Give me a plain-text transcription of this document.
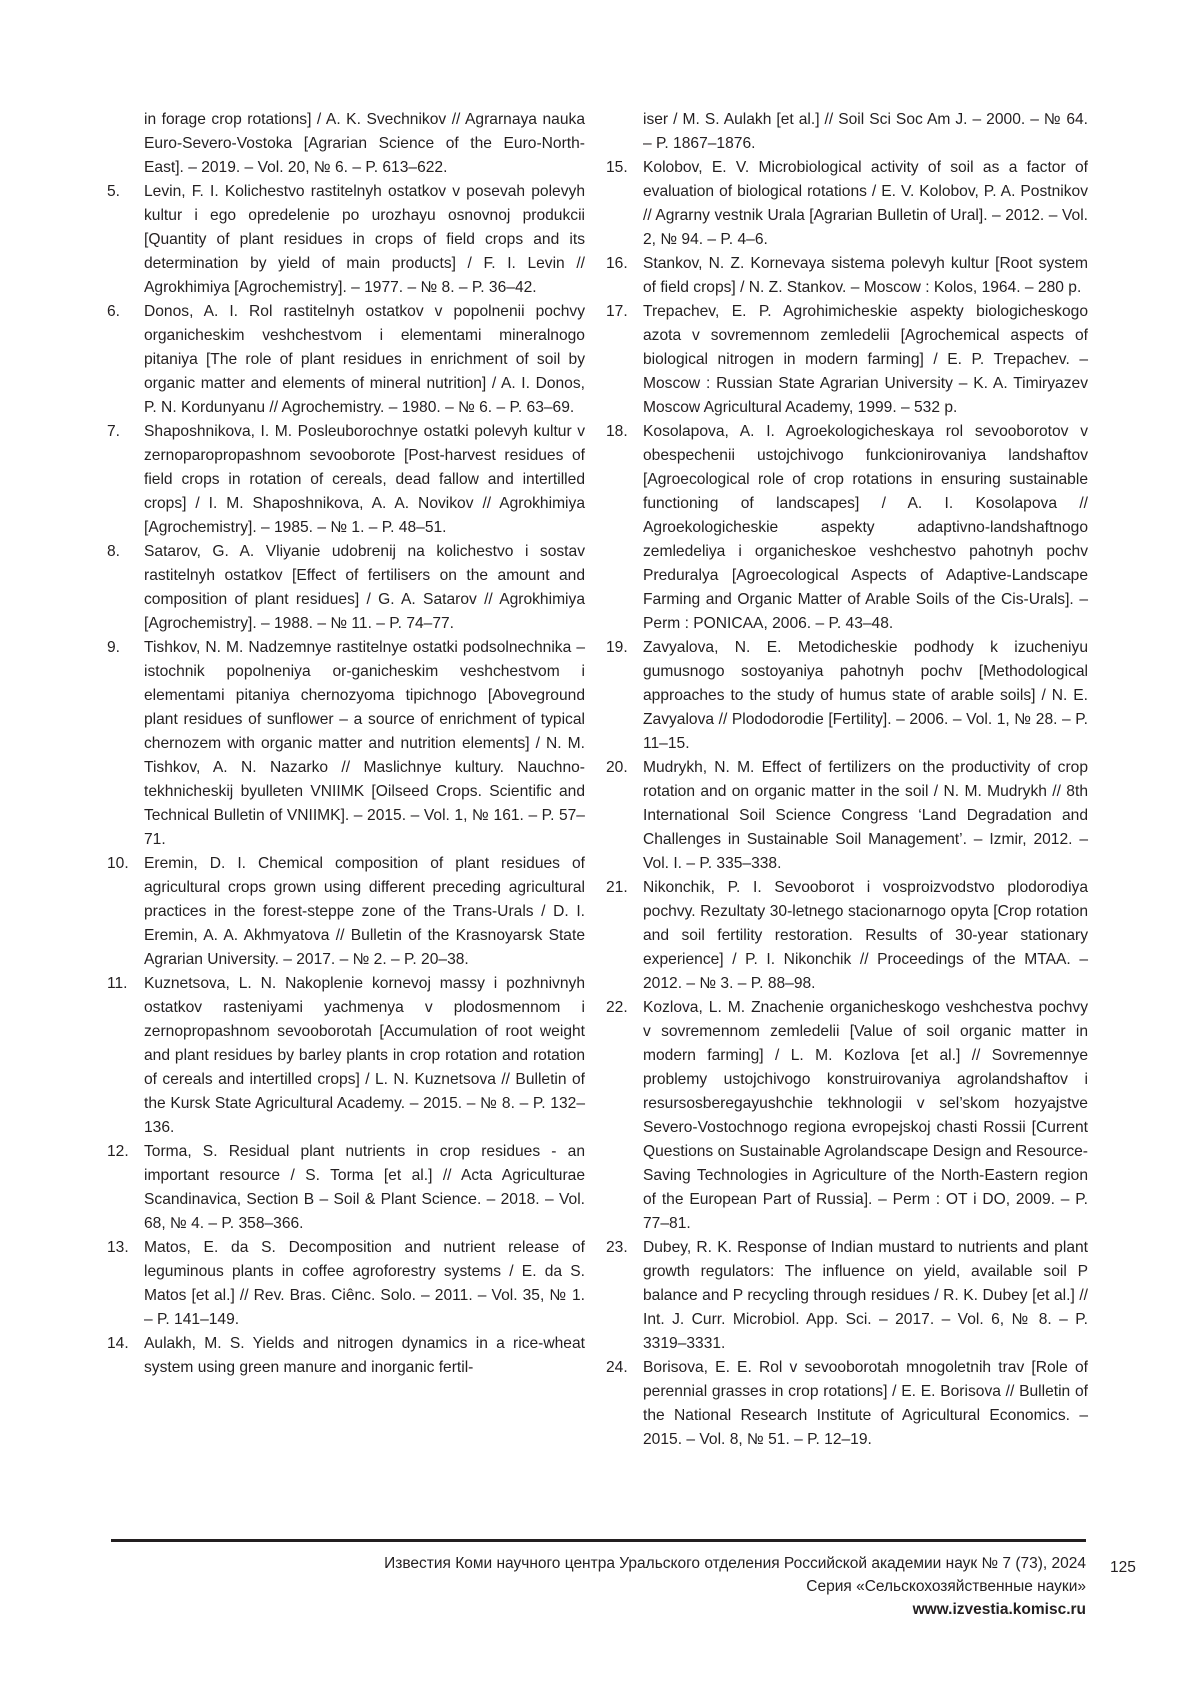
in forage crop rotations] / A. K. Svechnikov // Agrarnaya nauka Euro-Severo-Vostoka [Agrarian Science of the Euro-North-East]. – 2019. – Vol. 20, № 6. – P. 613–622.

5.	Levin, F. I. Kolichestvo rastitelnyh ostatkov v posevah polevyh kultur i ego opredelenie po urozhayu osnovnoj produkcii [Quantity of plant residues in crops of field crops and its determination by yield of main products] / F. I. Levin // Agrokhimiya [Agrochemistry]. – 1977. – № 8. – P. 36–42.

6.	Donos, A. I. Rol rastitelnyh ostatkov v popolnenii pochvy organicheskim veshchestvom i elementami mineralnogo pitaniya [The role of plant residues in enrichment of soil by organic matter and elements of mineral nutrition] / A. I. Donos, P. N. Kordunyanu // Agrochemistry. – 1980. – № 6. – P. 63–69.

7.	Shaposhnikova, I. M. Posleuborochnye ostatki polevyh kultur v zernoparopropashnom sevooborote [Post-harvest residues of field crops in rotation of cereals, dead fallow and intertilled crops] / I. M. Shaposhnikova, A. A. Novikov // Agrokhimiya [Agrochemistry]. – 1985. – № 1. – P. 48–51.

8.	Satarov, G. A. Vliyanie udobrenij na kolichestvo i sostav rastitelnyh ostatkov [Effect of fertilisers on the amount and composition of plant residues] / G. A. Satarov // Agrokhimiya [Agrochemistry]. – 1988. – № 11. – P. 74–77.

9.	Tishkov, N. M. Nadzemnye rastitelnye ostatki podsolnechnika – istochnik popolneniya or-ganicheskim veshchestvom i elementami pitaniya chernozyoma tipichnogo [Aboveground plant residues of sunflower – a source of enrichment of typical chernozem with organic matter and nutrition elements] / N. M. Tishkov, A. N. Nazarko // Maslichnye kultury. Nauchno-tekhnicheskij byulleten VNIIMK [Oilseed Crops. Scientific and Technical Bulletin of VNIIMK]. – 2015. – Vol. 1, № 161. – P. 57–71.

10. Eremin, D. I. Chemical composition of plant residues of agricultural crops grown using different preceding agricultural practices in the forest-steppe zone of the Trans-Urals / D. I. Eremin, A. A. Akhmyatova // Bulletin of the Krasnoyarsk State Agrarian University. – 2017. – № 2. – P. 20–38.

11.	Kuznetsova, L. N. Nakoplenie kornevoj massy i pozhnivnyh ostatkov rasteniyami yachmenya v plodosmennom i zernopropashnom sevooborotah [Accumulation of root weight and plant residues by barley plants in crop rotation and rotation of cereals and intertilled crops] / L. N. Kuznetsova // Bulletin of the Kursk State Agricultural Academy. – 2015. – № 8. – P. 132–136.

12. Torma, S. Residual plant nutrients in crop residues - an important resource / S. Torma [et al.] // Acta Agriculturae Scandinavica, Section B – Soil & Plant Science. – 2018. – Vol. 68, № 4. – P. 358–366.

13. Matos, E. da S. Decomposition and nutrient release of leguminous plants in coffee agroforestry systems / E. da S. Matos [et al.] // Rev. Bras. Ciênc. Solo. – 2011. – Vol. 35, № 1. – P. 141–149.

14. Aulakh, M. S. Yields and nitrogen dynamics in a rice-wheat system using green manure and inorganic fertil-

iser / M. S. Aulakh [et al.] // Soil Sci Soc Am J. – 2000. – № 64. – P. 1867–1876.

15. Kolobov, E. V. Microbiological activity of soil as a factor of evaluation of biological rotations / E. V. Kolobov, P. A. Postnikov // Agrarny vestnik Urala [Agrarian Bulletin of Ural]. – 2012. – Vol. 2, № 94. – P. 4–6.

16. Stankov, N. Z. Kornevaya sistema polevyh kultur [Root system of field crops] / N. Z. Stankov. – Moscow : Kolos, 1964. – 280 p.

17. Trepachev, E. P. Agrohimicheskie aspekty biologicheskogo azota v sovremennom zemledelii [Agrochemical aspects of biological nitrogen in modern farming] / E. P. Trepachev. – Moscow : Russian State Agrarian University – K. A. Timiryazev Moscow Agricultural Academy, 1999. – 532 p.

18. Kosolapova, A. I. Agroekologicheskaya rol sevooborotov v obespechenii ustojchivogo funkcionirovaniya landshaftov [Agroecological role of crop rotations in ensuring sustainable functioning of landscapes] / A. I. Kosolapova // Agroekologicheskie aspekty adaptivno-landshaftnogo zemledeliya i organicheskoe veshchestvo pahotnyh pochv Preduralya [Agroecological Aspects of Adaptive-Landscape Farming and Organic Matter of Arable Soils of the Cis-Urals]. – Perm : PONICAA, 2006. – P. 43–48.

19. Zavyalova, N. E. Metodicheskie podhody k izucheniyu gumusnogo sostoyaniya pahotnyh pochv [Methodological approaches to the study of humus state of arable soils] / N. E. Zavyalova // Plododorodie [Fertility]. – 2006. – Vol. 1, № 28. – P. 11–15.

20. Mudrykh, N. M. Effect of fertilizers on the productivity of crop rotation and on organic matter in the soil / N. M. Mudrykh // 8th International Soil Science Congress ‘Land Degradation and Challenges in Sustainable Soil Management’. – Izmir, 2012. – Vol. I. – P. 335–338.

21. Nikonchik, P. I. Sevooborot i vosproizvodstvo plodorodiya pochvy. Rezultaty 30-letnego stacionarnogo opyta [Crop rotation and soil fertility restoration. Results of 30-year stationary experience] / P. I. Nikonchik // Proceedings of the MTAA. – 2012. – № 3. – P. 88–98.

22. Kozlova, L. M. Znachenie organicheskogo veshchestva pochvy v sovremennom zemledelii [Value of soil organic matter in modern farming] / L. M. Kozlova [et al.] // Sovremennye problemy ustojchivogo konstruirovaniya agrolandshaftov i resursosberegayushchie tekhnologii v sel’skom hozyajstve Severo-Vostochnogo regiona evropejskoj chasti Rossii [Current Questions on Sustainable Agrolandscape Design and Resource-Saving Technologies in Agriculture of the North-Eastern region of the European Part of Russia]. – Perm : OT i DO, 2009. – P. 77–81.

23. Dubey, R. K. Response of Indian mustard to nutrients and plant growth regulators: The influence on yield, available soil P balance and P recycling through residues / R. K. Dubey [et al.] // Int. J. Curr. Microbiol. App. Sci. – 2017. – Vol. 6, № 8. – P. 3319–3331.

24. Borisova, E. E. Rol v sevooborotah mnogoletnih trav [Role of perennial grasses in crop rotations] / E. E. Borisova // Bulletin of the National Research Institute of Agricultural Economics. – 2015. – Vol. 8, № 51. – P. 12–19.

Известия Коми научного центра Уральского отделения Российской академии наук № 7 (73), 2024
Серия «Сельскохозяйственные науки»
www.izvestia.komisc.ru
125
